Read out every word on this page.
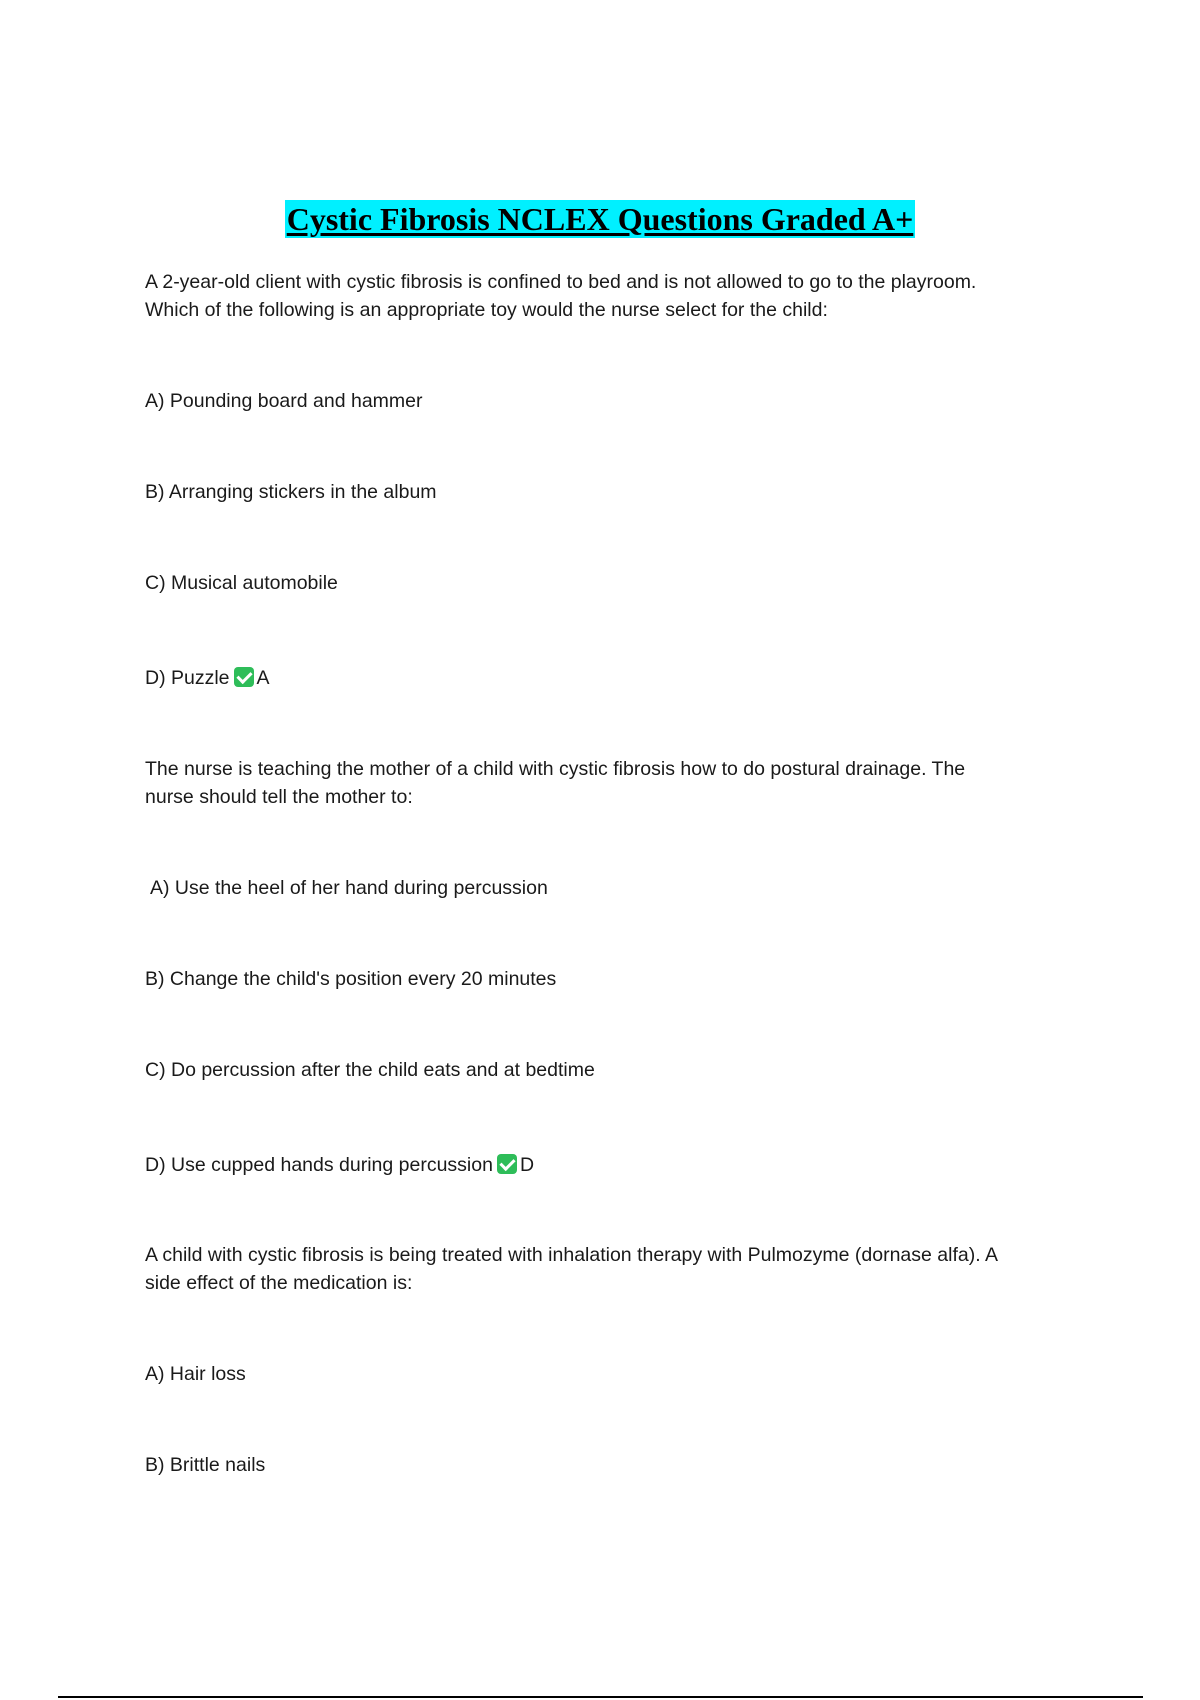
Cystic Fibrosis NCLEX Questions Graded A+
A 2-year-old client with cystic fibrosis is confined to bed and is not allowed to go to the playroom.
Which of the following is an appropriate toy would the nurse select for the child:
A) Pounding board and hammer
B) Arranging stickers in the album
C) Musical automobile
D) Puzzle A
The nurse is teaching the mother of a child with cystic fibrosis how to do postural drainage. The
nurse should tell the mother to:
A) Use the heel of her hand during percussion
B) Change the child's position every 20 minutes
C) Do percussion after the child eats and at bedtime
D) Use cupped hands during percussion D
A child with cystic fibrosis is being treated with inhalation therapy with Pulmozyme (dornase alfa). A
side effect of the medication is:
A) Hair loss
B) Brittle nails
